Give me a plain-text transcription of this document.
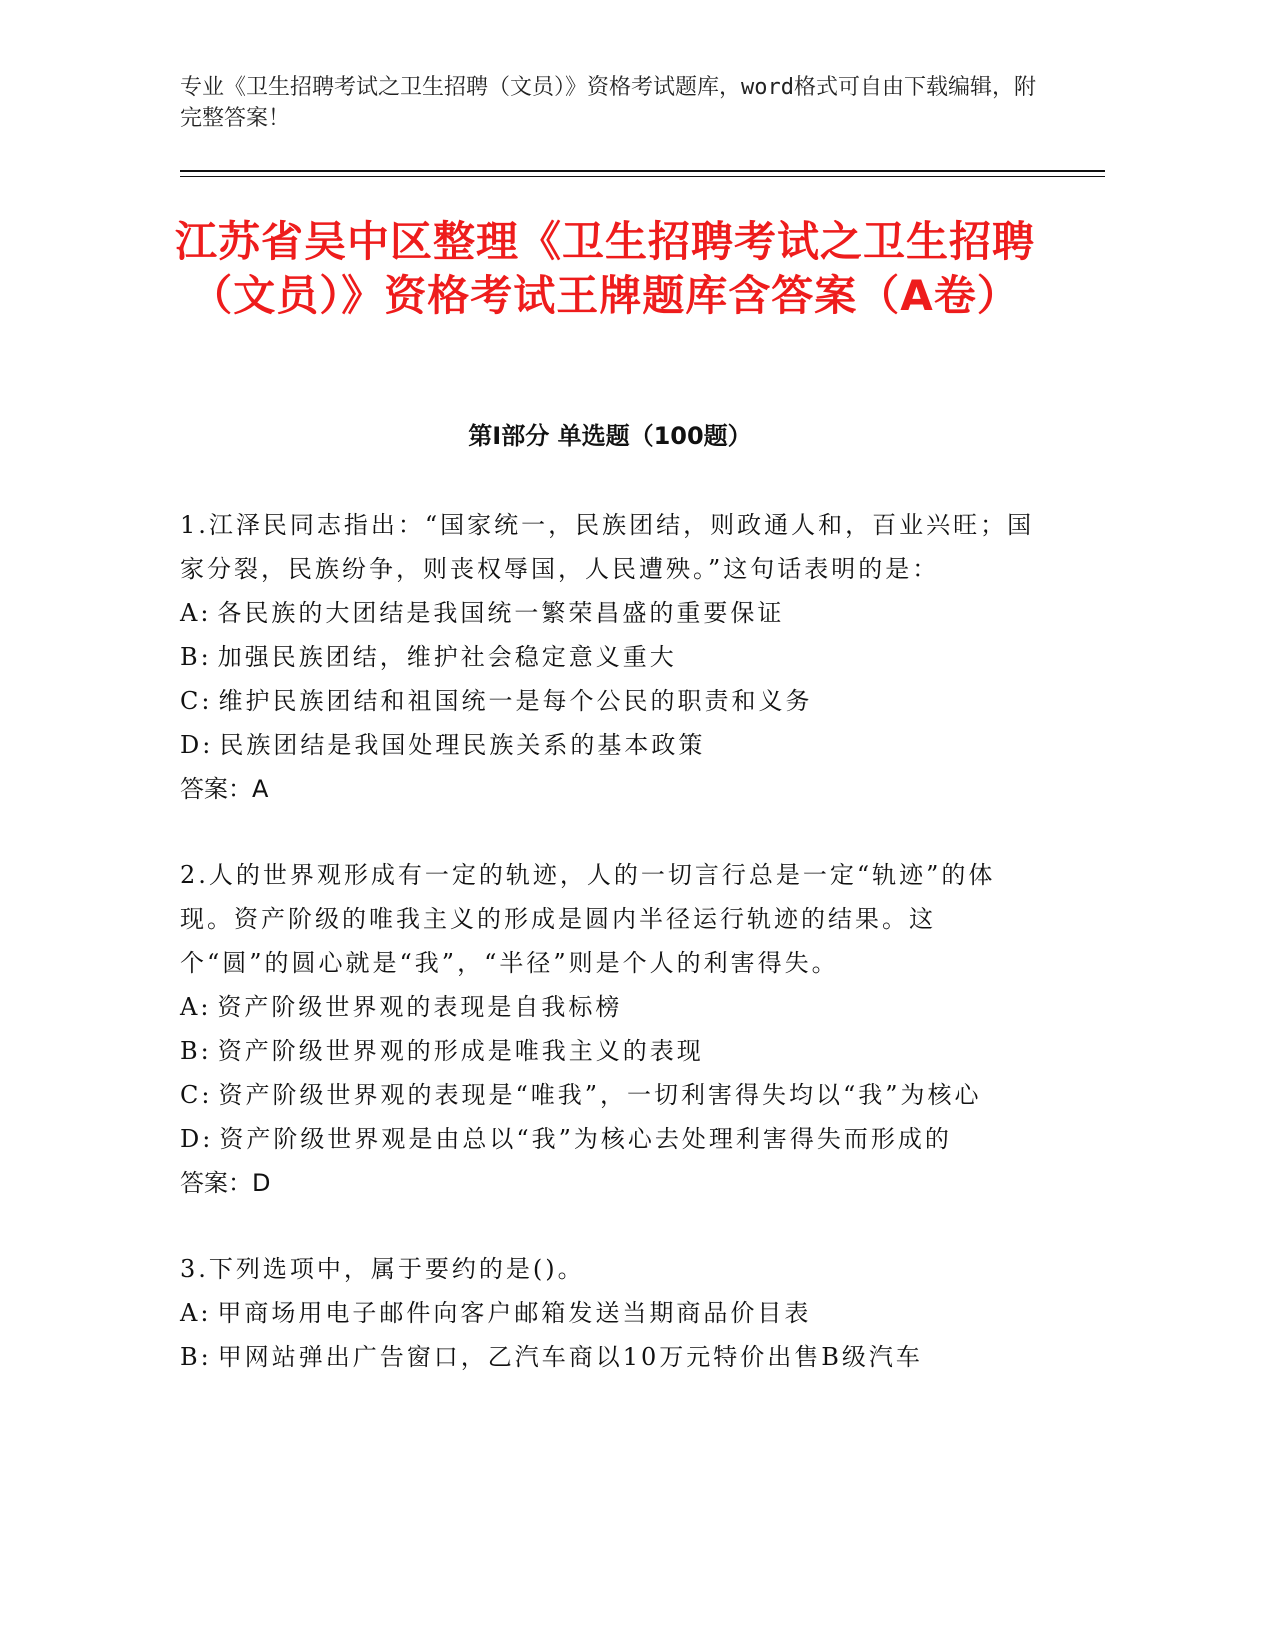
专业《卫生招聘考试之卫生招聘（文员）》资格考试题库，word格式可自由下载编辑，附完整答案！
江苏省吴中区整理《卫生招聘考试之卫生招聘（文员）》资格考试王牌题库含答案（A卷）
第Ⅰ部分 单选题（100题）
1.江泽民同志指出：“国家统一，民族团结，则政通人和，百业兴旺；国家分裂，民族纷争，则丧权辱国，人民遭殃。”这句话表明的是：
A: 各民族的大团结是我国统一繁荣昌盛的重要保证
B: 加强民族团结，维护社会稳定意义重大
C: 维护民族团结和祖国统一是每个公民的职责和义务
D: 民族团结是我国处理民族关系的基本政策
答案：A
2.人的世界观形成有一定的轨迹，人的一切言行总是一定“轨迹”的体现。资产阶级的唯我主义的形成是圆内半径运行轨迹的结果。这个“圆”的圆心就是“我”，“半径”则是个人的利害得失。
A: 资产阶级世界观的表现是自我标榜
B: 资产阶级世界观的形成是唯我主义的表现
C: 资产阶级世界观的表现是“唯我”，一切利害得失均以“我”为核心
D: 资产阶级世界观是由总以“我”为核心去处理利害得失而形成的
答案：D
3.下列选项中，属于要约的是()。
A: 甲商场用电子邮件向客户邮箱发送当期商品价目表
B: 甲网站弹出广告窗口，乙汽车商以10万元特价出售B级汽车
